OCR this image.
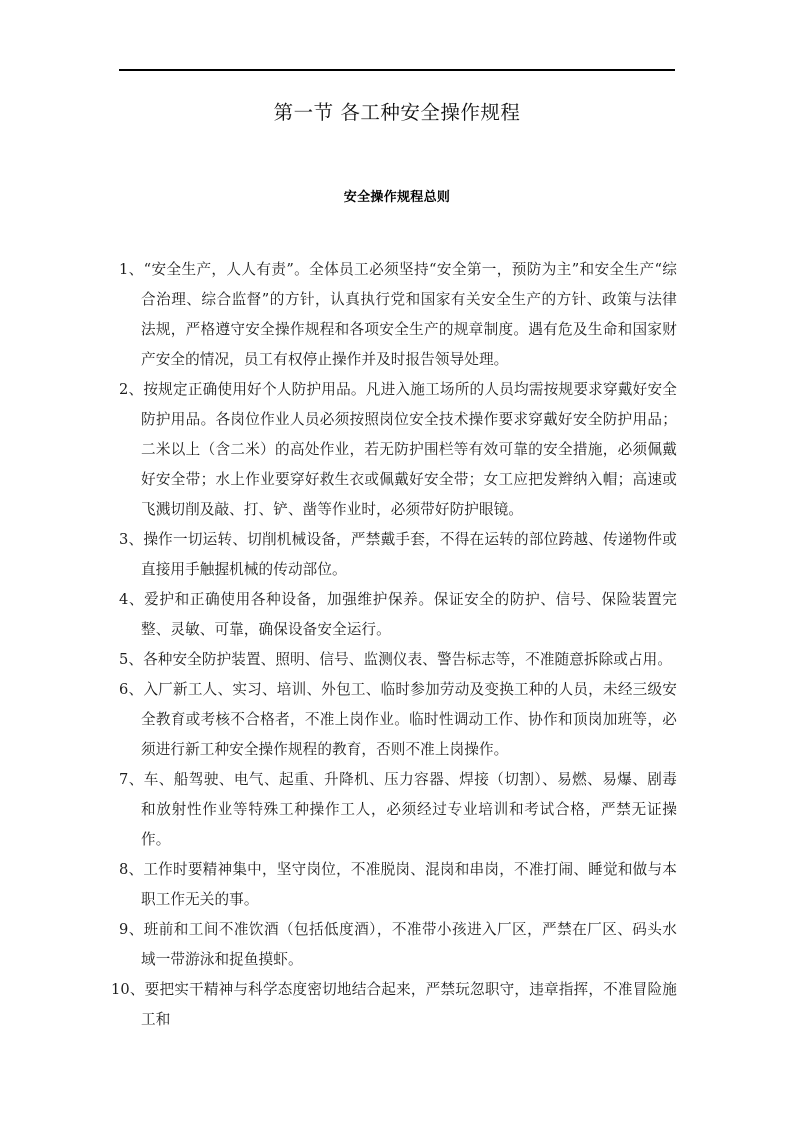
第一节 各工种安全操作规程
安全操作规程总则
1、“安全生产，人人有责”。全体员工必须坚持“安全第一，预防为主”和安全生产“综合治理、综合监督”的方针，认真执行党和国家有关安全生产的方针、政策与法律法规，严格遵守安全操作规程和各项安全生产的规章制度。遇有危及生命和国家财产安全的情况，员工有权停止操作并及时报告领导处理。
2、按规定正确使用好个人防护用品。凡进入施工场所的人员均需按规要求穿戴好安全防护用品。各岗位作业人员必须按照岗位安全技术操作要求穿戴好安全防护用品；二米以上（含二米）的高处作业，若无防护围栏等有效可靠的安全措施，必须佩戴好安全带；水上作业要穿好救生衣或佩戴好安全带；女工应把发辫纳入帽；高速或飞溅切削及敲、打、铲、凿等作业时，必须带好防护眼镜。
3、操作一切运转、切削机械设备，严禁戴手套，不得在运转的部位跨越、传递物件或直接用手触握机械的传动部位。
4、爱护和正确使用各种设备，加强维护保养。保证安全的防护、信号、保险装置完整、灵敏、可靠，确保设备安全运行。
5、各种安全防护装置、照明、信号、监测仪表、警告标志等，不准随意拆除或占用。
6、入厂新工人、实习、培训、外包工、临时参加劳动及变换工种的人员，未经三级安全教育或考核不合格者，不准上岗作业。临时性调动工作、协作和顶岗加班等，必须进行新工种安全操作规程的教育，否则不准上岗操作。
7、车、船驾驶、电气、起重、升降机、压力容器、焊接（切割）、易燃、易爆、剧毒和放射性作业等特殊工种操作工人，必须经过专业培训和考试合格，严禁无证操作。
8、工作时要精神集中，坚守岗位，不准脱岗、混岗和串岗，不准打闹、睡觉和做与本职工作无关的事。
9、班前和工间不准饮酒（包括低度酒），不准带小孩进入厂区，严禁在厂区、码头水域一带游泳和捉鱼摸虾。
10、要把实干精神与科学态度密切地结合起来，严禁玩忽职守，违章指挥，不准冒险施工和
